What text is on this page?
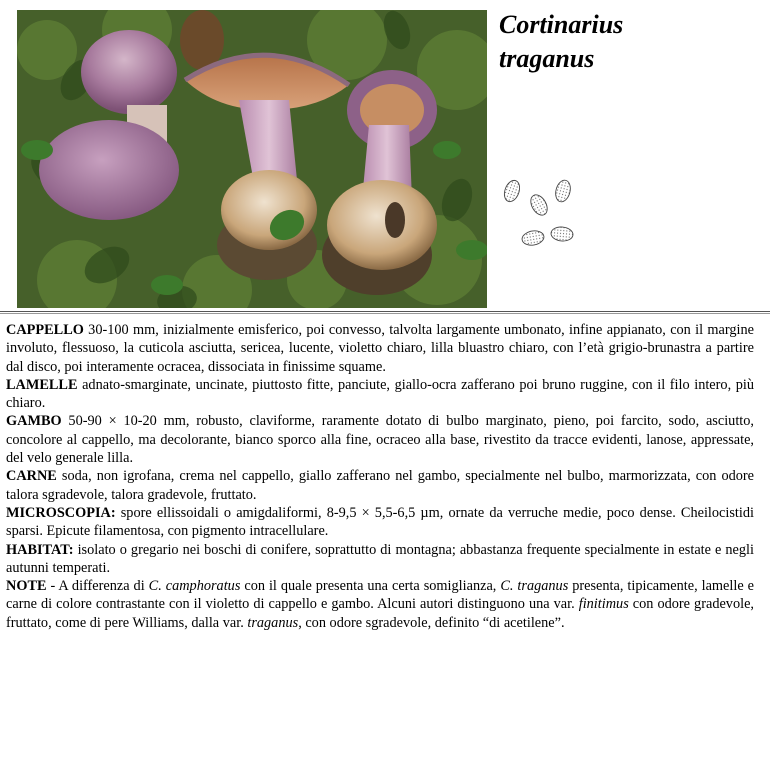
Cortinarius
traganus

CAPPELLO 30-100 mm, inizialmente emisferico, poi convesso, talvolta largamente umbonato, infine appianato, con il margine involuto, flessuoso, la cuticola asciutta, sericea, lucente, violetto chiaro, lilla bluastro chiaro, con l’età grigio-brunastra a partire dal disco, poi interamente ocracea, dissociata in finissime squame.

LAMELLE adnato-smarginate, uncinate, piuttosto fitte, panciute, giallo-ocra zafferano poi bruno ruggine, con il filo intero, più chiaro.

GAMBO 50-90 × 10-20 mm, robusto, claviforme, raramente dotato di bulbo marginato, pieno, poi farcito, sodo, asciutto, concolore al cappello, ma decolorante, bianco sporco alla fine, ocraceo alla base, rivestito da tracce evidenti, lanose, appressate, del velo generale lilla.

CARNE soda, non igrofana, crema nel cappello, giallo zafferano nel gambo, specialmente nel bulbo, marmorizzata, con odore talora sgradevole, talora gradevole, fruttato.

MICROSCOPIA: spore ellissoidali o amigdaliformi, 8-9,5 × 5,5-6,5 µm, ornate da verruche medie, poco dense. Cheilocistidi sparsi. Epicute filamentosa, con pigmento intracellulare.

HABITAT: isolato o gregario nei boschi di conifere, soprattutto di montagna; abbastanza frequente specialmente in estate e negli autunni temperati.

NOTE - A differenza di C. camphoratus con il quale presenta una certa somiglianza, C. traganus presenta, tipicamente, lamelle e carne di colore contrastante con il violetto di cappello e gambo. Alcuni autori distinguono una var. finitimus con odore gradevole, fruttato, come di pere Williams, dalla var. traganus, con odore sgradevole, definito “di acetilene”.
